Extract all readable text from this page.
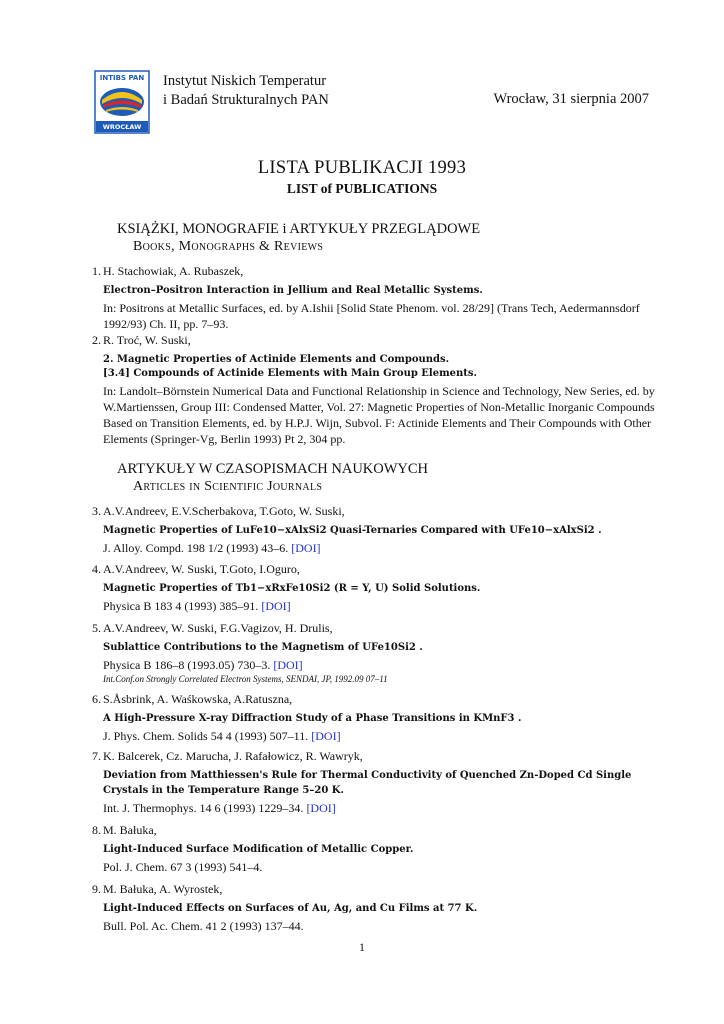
INTIBS PAN
WROCŁAW
Instytut Niskich Temperatur
i Badań Strukturalnych PAN	Wrocław, 31 sierpnia 2007
LISTA PUBLIKACJI 1993
LIST of PUBLICATIONS
KSIĄŻKI, MONOGRAFIE i ARTYKUŁY PRZEGLĄDOWE
Books, Monographs & Reviews
1. H. Stachowiak, A. Rubaszek,
Electron–Positron Interaction in Jellium and Real Metallic Systems.
In: Positrons at Metallic Surfaces, ed. by A.Ishii [Solid State Phenom. vol. 28/29] (Trans Tech, Aedermannsdorf 1992/93) Ch. II, pp. 7–93.
2. R. Troć, W. Suski,
2. Magnetic Properties of Actinide Elements and Compounds.
[3.4] Compounds of Actinide Elements with Main Group Elements.
In: Landolt–Börnstein Numerical Data and Functional Relationship in Science and Technology, New Series, ed. by W.Martienssen, Group III: Condensed Matter, Vol. 27: Magnetic Properties of Non-Metallic Inorganic Compounds Based on Transition Elements, ed. by H.P.J. Wijn, Subvol. F: Actinide Elements and Their Compounds with Other Elements (Springer-Vg, Berlin 1993) Pt 2, 304 pp.
3. A.V.Andreev, E.V.Scherbakova, T.Goto, W. Suski,
Magnetic Properties of LuFe10−xAlxSi2 Quasi-Ternaries Compared with UFe10−xAlxSi2 .
J. Alloy. Compd. 198 1/2 (1993) 43–6. [DOI]
4. A.V.Andreev, W. Suski, T.Goto, I.Oguro,
Magnetic Properties of Tb1−xRxFe10Si2 (R = Y, U) Solid Solutions.
Physica B 183 4 (1993) 385–91. [DOI]
5. A.V.Andreev, W. Suski, F.G.Vagizov, H. Drulis,
Sublattice Contributions to the Magnetism of UFe10Si2 .
Physica B 186–8 (1993.05) 730–3. [DOI]
Int.Conf.on Strongly Correlated Electron Systems, SENDAI, JP, 1992.09 07–11
6. S.Åsbrink, A. Waśkowska, A.Ratuszna,
A High-Pressure X-ray Diffraction Study of a Phase Transitions in KMnF3 .
J. Phys. Chem. Solids 54 4 (1993) 507–11. [DOI]
7. K. Balcerek, Cz. Marucha, J. Rafałowicz, R. Wawryk,
Deviation from Matthiessen's Rule for Thermal Conductivity of Quenched Zn-Doped Cd Single Crystals in the Temperature Range 5–20 K.
Int. J. Thermophys. 14 6 (1993) 1229–34. [DOI]
8. M. Bałuka,
Light-Induced Surface Modification of Metallic Copper.
Pol. J. Chem. 67 3 (1993) 541–4.
9. M. Bałuka, A. Wyrostek,
Light-Induced Effects on Surfaces of Au, Ag, and Cu Films at 77 K.
Bull. Pol. Ac. Chem. 41 2 (1993) 137–44.
ARTYKUŁY W CZASOPISMACH NAUKOWYCH
Articles in Scientific Journals
1
